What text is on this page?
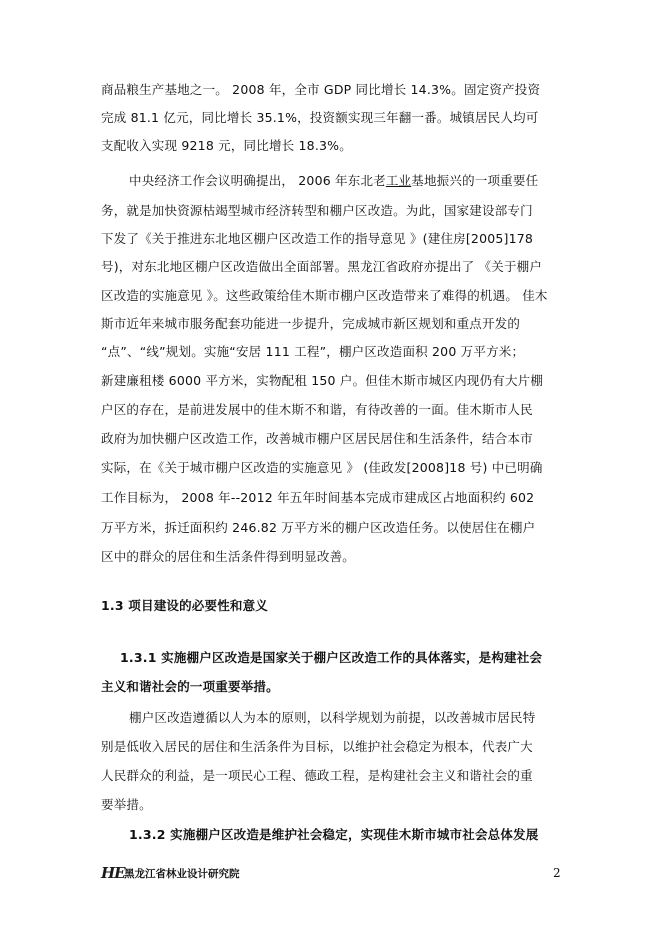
商品粮生产基地之一。 2008 年，全市 GDP 同比增长 14.3%。固定资产投资
完成 81.1 亿元，同比增长 35.1%，投资额实现三年翻一番。城镇居民人均可
支配收入实现 9218 元，同比增长 18.3%。
中央经济工作会议明确提出， 2006 年东北老工业基地振兴的一项重要任
务，就是加快资源枯竭型城市经济转型和棚户区改造。为此，国家建设部专门
下发了《关于推进东北地区棚户区改造工作的指导意见 》(建住房[2005]178
号)，对东北地区棚户区改造做出全面部署。黑龙江省政府亦提出了 《关于棚户
区改造的实施意见 》。这些政策给佳木斯市棚户区改造带来了难得的机遇。 佳木
斯市近年来城市服务配套功能进一步提升，完成城市新区规划和重点开发的
“点”、“线”规划。实施“安居 111 工程”，棚户区改造面积 200 万平方米；
新建廉租楼 6000 平方米，实物配租 150 户。但佳木斯市城区内现仍有大片棚
户区的存在，是前进发展中的佳木斯不和谐，有待改善的一面。佳木斯市人民
政府为加快棚户区改造工作，改善城市棚户区居民居住和生活条件，结合本市
实际，在《关于城市棚户区改造的实施意见 》 (佳政发[2008]18 号) 中已明确
工作目标为， 2008 年--2012 年五年时间基本完成市建成区占地面积约 602
万平方米，拆迁面积约 246.82 万平方米的棚户区改造任务。以使居住在棚户
区中的群众的居住和生活条件得到明显改善。
1.3 项目建设的必要性和意义
1.3.1 实施棚户区改造是国家关于棚户区改造工作的具体落实，是构建社会
主义和谐社会的一项重要举措。
棚户区改造遵循以人为本的原则，以科学规划为前提，以改善城市居民特
别是低收入居民的居住和生活条件为目标，以维护社会稳定为根本，代表广大
人民群众的利益，是一项民心工程、德政工程，是构建社会主义和谐社会的重
要举措。
1.3.2 实施棚户区改造是维护社会稳定，实现佳木斯市城市社会总体发展
HE 黑龙江省林业设计研究院	2
